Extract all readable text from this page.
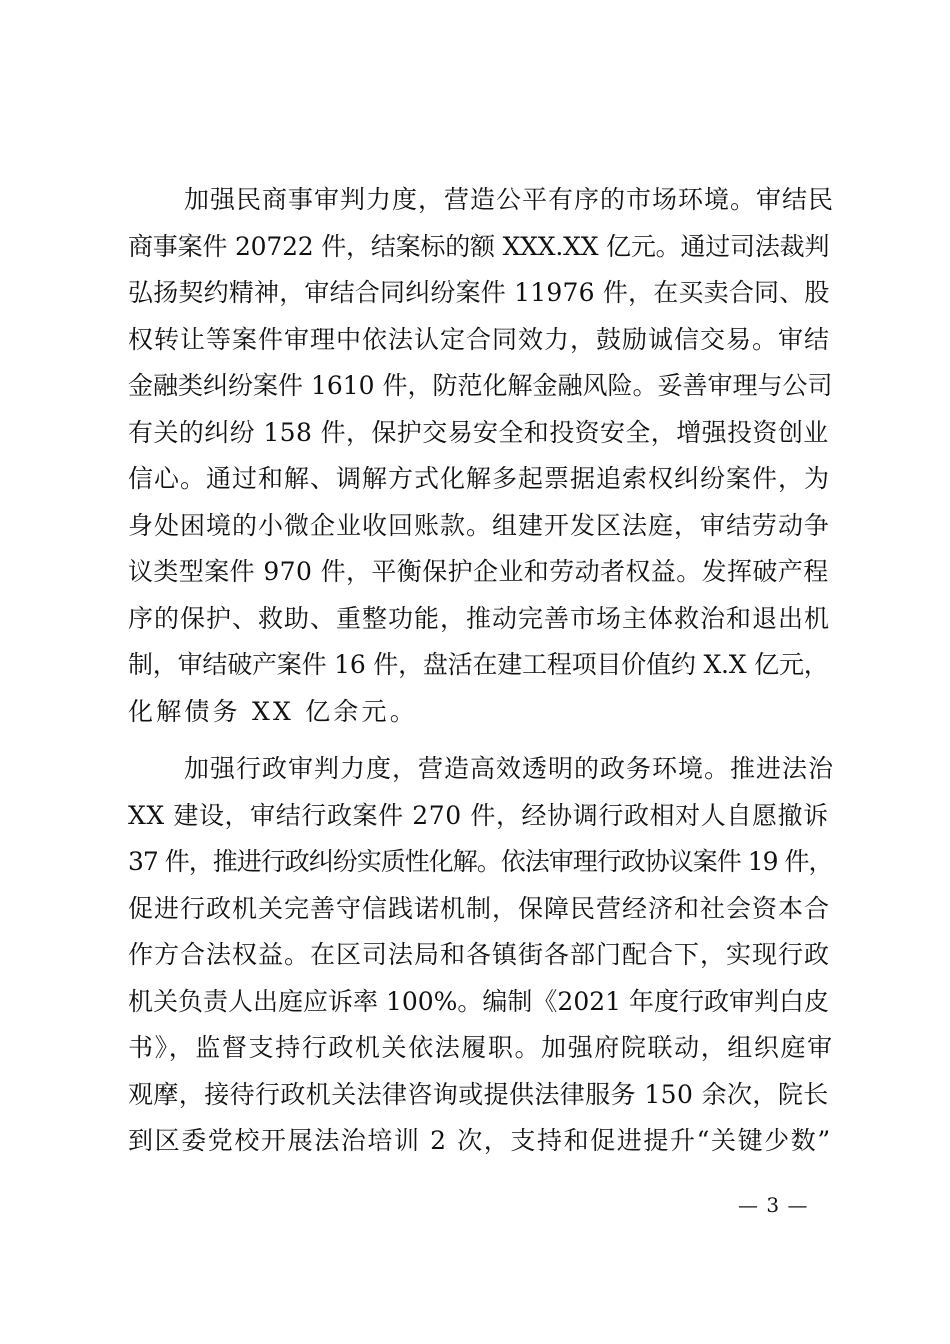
加强民商事审判力度，营造公平有序的市场环境。审结民
商事案件 20722 件，结案标的额 XXX.XX 亿元。通过司法裁判
弘扬契约精神，审结合同纠纷案件 11976 件，在买卖合同、股
权转让等案件审理中依法认定合同效力，鼓励诚信交易。审结
金融类纠纷案件 1610 件，防范化解金融风险。妥善审理与公司
有关的纠纷 158 件，保护交易安全和投资安全，增强投资创业
信心。通过和解、调解方式化解多起票据追索权纠纷案件，为
身处困境的小微企业收回账款。组建开发区法庭，审结劳动争
议类型案件 970 件，平衡保护企业和劳动者权益。发挥破产程
序的保护、救助、重整功能，推动完善市场主体救治和退出机
制，审结破产案件 16 件，盘活在建工程项目价值约 X.X 亿元，
化解债务 XX 亿余元。

加强行政审判力度，营造高效透明的政务环境。推进法治
XX 建设，审结行政案件 270 件，经协调行政相对人自愿撤诉
37 件，推进行政纠纷实质性化解。依法审理行政协议案件 19 件，
促进行政机关完善守信践诺机制，保障民营经济和社会资本合
作方合法权益。在区司法局和各镇街各部门配合下，实现行政
机关负责人出庭应诉率 100%。编制《2021 年度行政审判白皮
书》，监督支持行政机关依法履职。加强府院联动，组织庭审
观摩，接待行政机关法律咨询或提供法律服务 150 余次，院长
到区委党校开展法治培训 2 次，支持和促进提升“关键少数”

— 3 —
